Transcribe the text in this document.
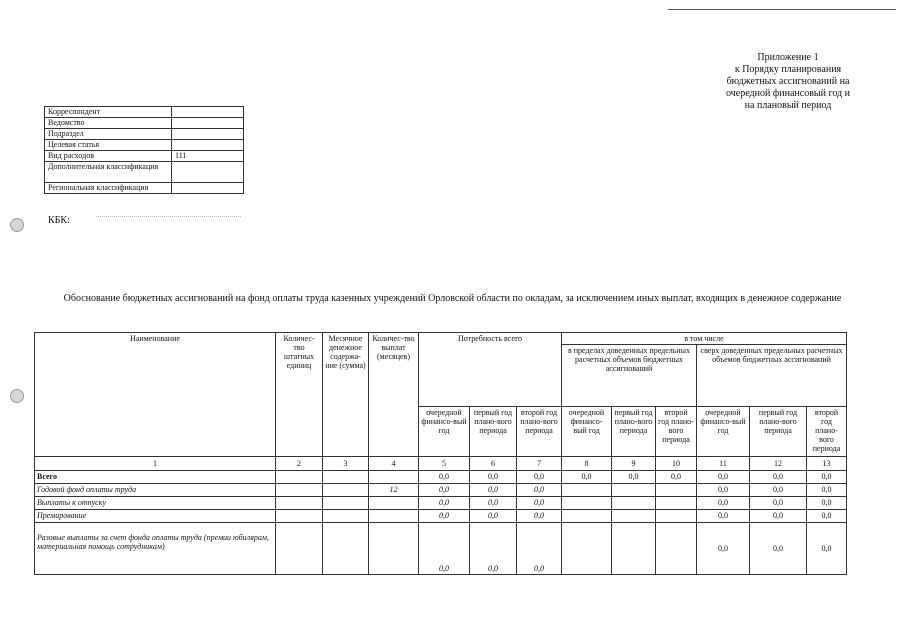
Приложение 1
к Порядку планирования
бюджетных ассигнований на
очередной финансовый год и
на плановый период
Корреспондент	
Ведомство	
Подраздел	
Целевая статья	
Вид расходов	111
Дополнительная классификация	
Региональная классификация	
КБК:
Обоснование бюджетных ассигнований на фонд оплаты труда казенных учреждений Орловской области по окладам, за исключением иных выплат, входящих в денежное содержание
Наименование	Количес-тво штатных единиц	Месячное денежное содержа-ние (сумма)	Количес-тво выплат (месяцев)	Потребность всего			в том числе					
							в пределах доведенных предельных расчетных объемов бюджетных ассигнований			сверх доведенных предельных расчетных объемов бюджетных ассигнований		
				очередной финансо-вый год	первый год плано-вого периода	второй год плано-вого периода	очередной финансо-вый год	первый год плано-вого периода	второй год плано-вого периода	очередной финансо-вый год	первый год плано-вого периода	второй год плано-вого периода
1	2	3	4	5	6	7	8	9	10	11	12	13
Всего				0,0	0,0	0,0	0,0	0,0	0,0	0,0	0,0	0,0
Годовой фонд оплаты труда			12	0,0	0,0	0,0				0,0	0,0	0,0
Выплаты к отпуску				0,0	0,0	0,0				0,0	0,0	0,0
Премирование				0,0	0,0	0,0				0,0	0,0	0,0
Разовые выплаты за счет фонда оплаты труда (премии юбилярам, материальная помощь сотрудникам)				0,0	0,0	0,0				0,0	0,0	0,0
